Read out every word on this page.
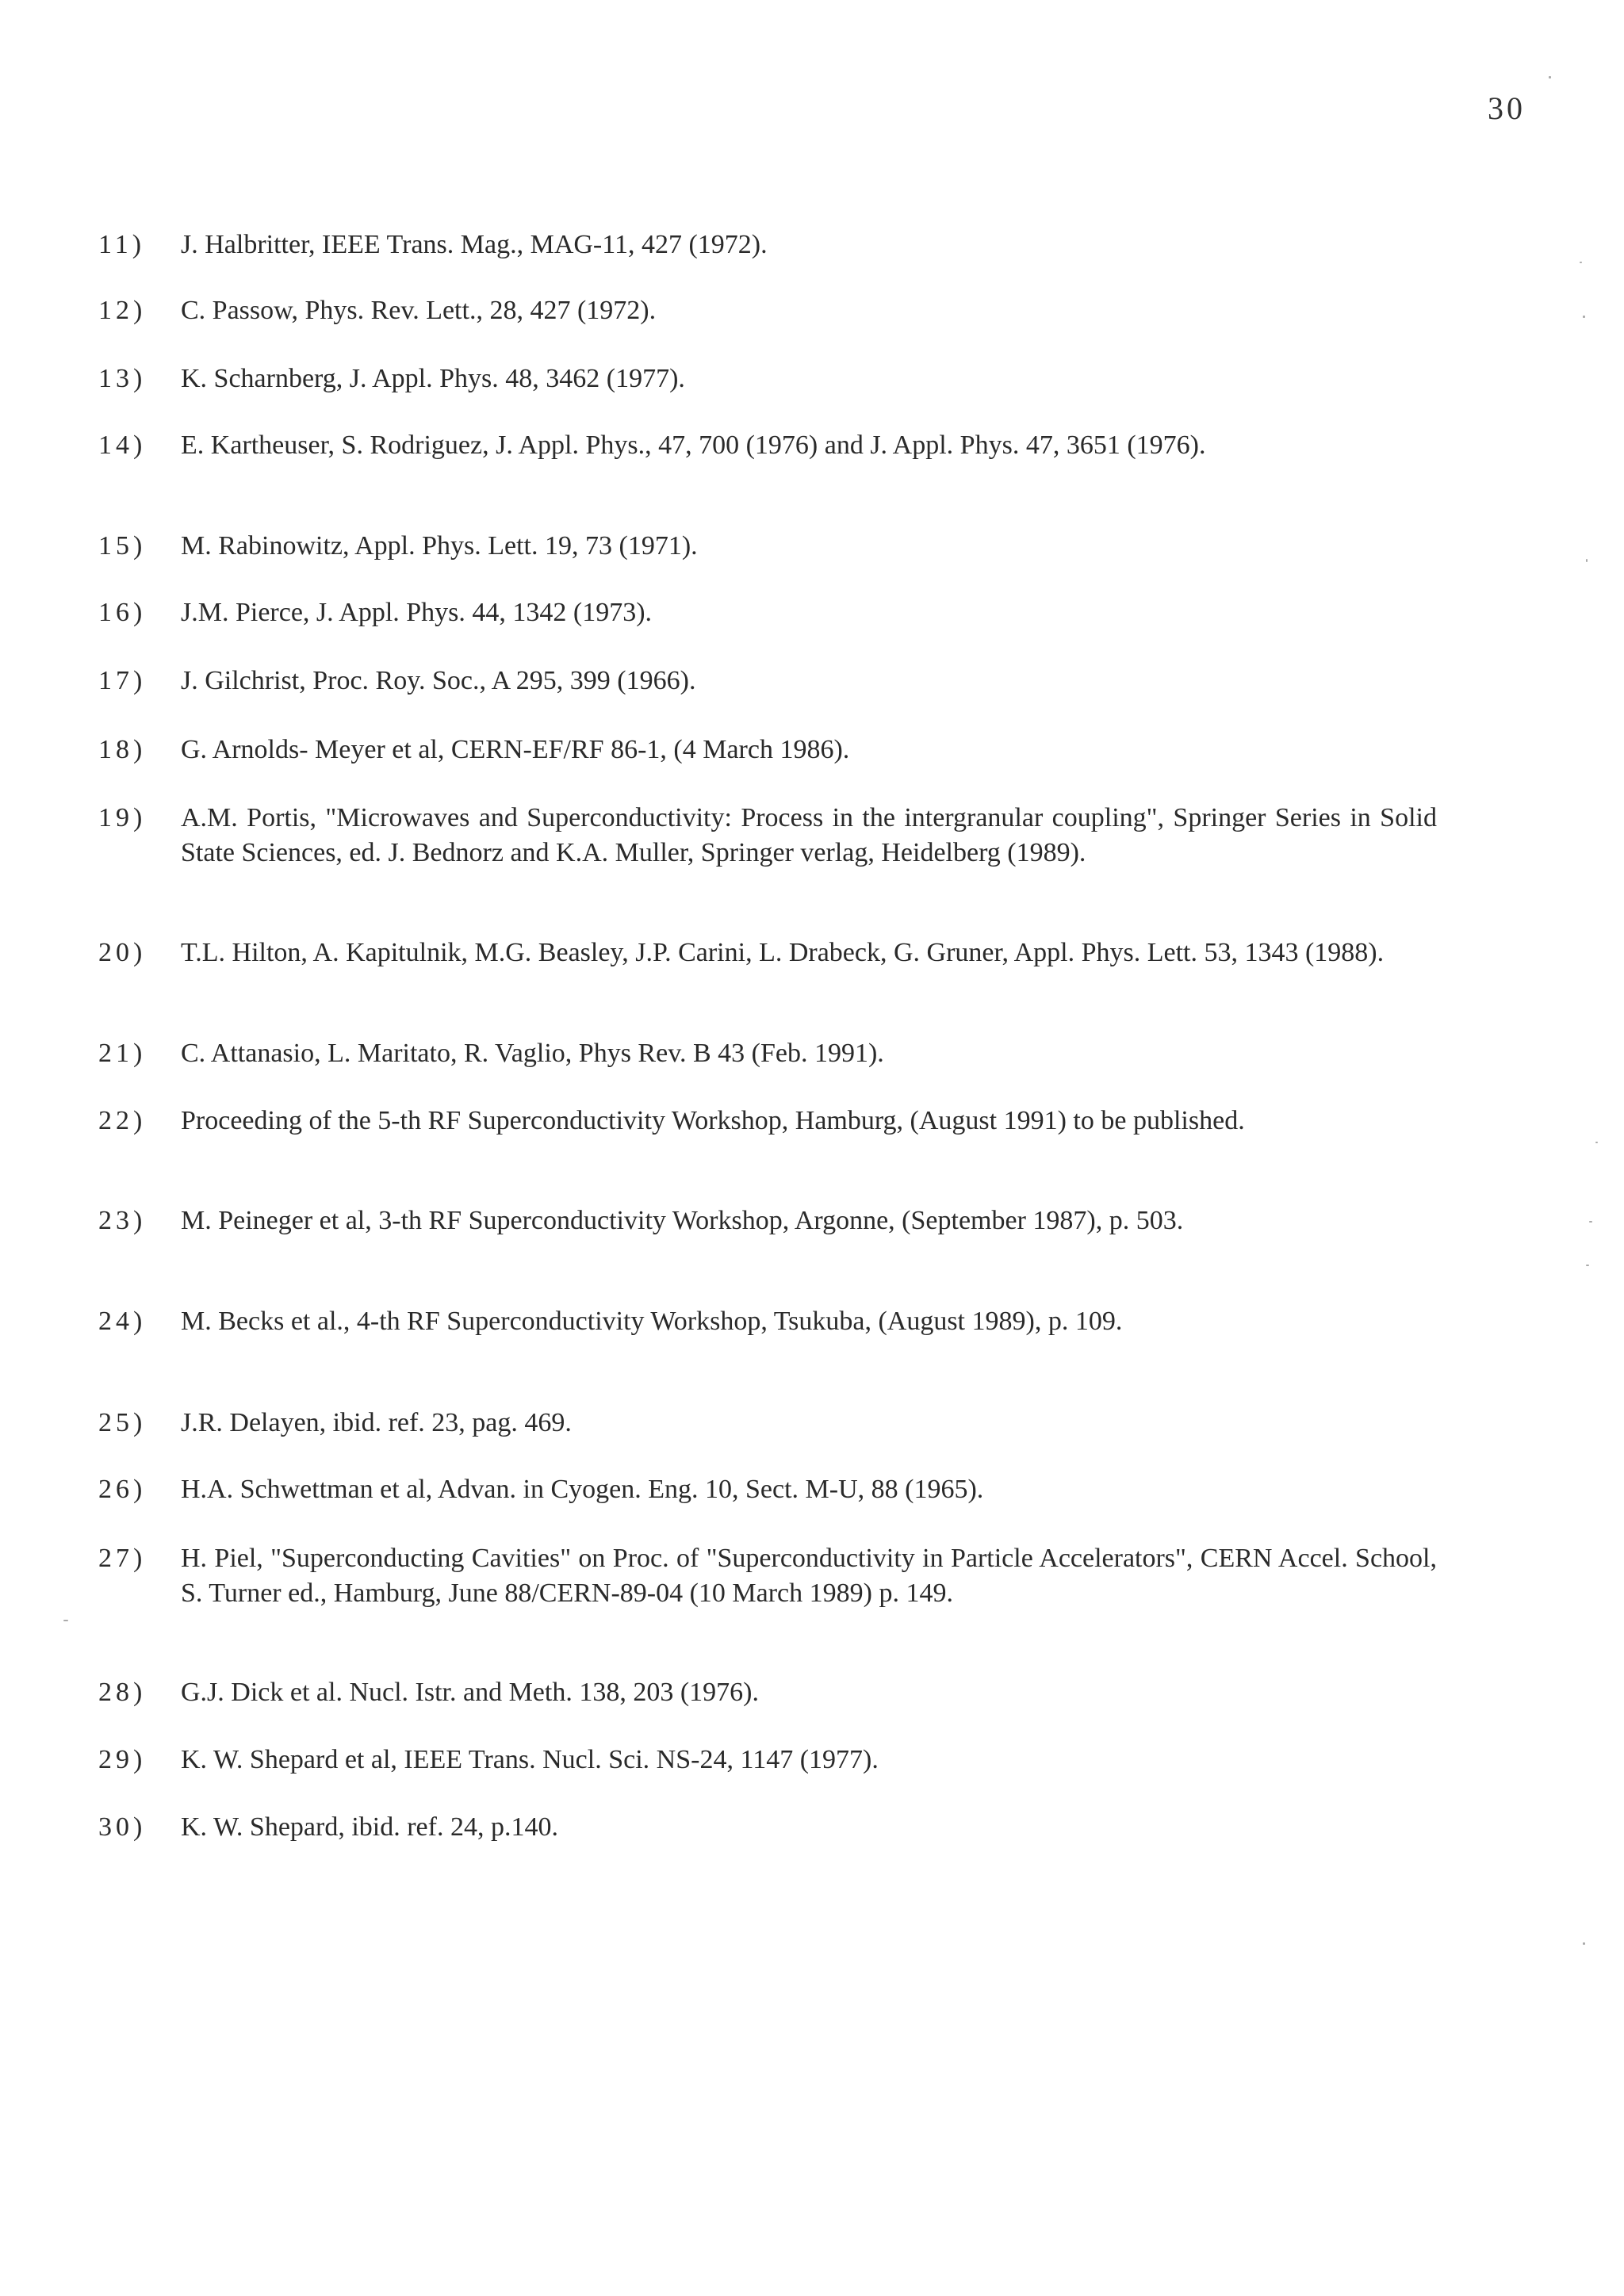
30
11) J. Halbritter, IEEE Trans. Mag., MAG-11, 427 (1972).
12) C. Passow, Phys. Rev. Lett., 28, 427 (1972).
13) K. Scharnberg, J. Appl. Phys. 48, 3462 (1977).
14) E. Kartheuser, S. Rodriguez, J. Appl. Phys., 47, 700 (1976) and J. Appl. Phys. 47, 3651 (1976).
15) M. Rabinowitz, Appl. Phys. Lett. 19, 73 (1971).
16) J.M. Pierce, J. Appl. Phys. 44, 1342 (1973).
17) J. Gilchrist, Proc. Roy. Soc., A 295, 399 (1966).
18) G. Arnolds- Meyer et al, CERN-EF/RF 86-1, (4 March 1986).
19) A.M. Portis, "Microwaves and Superconductivity: Process in the intergranular coupling", Springer Series in Solid State Sciences, ed. J. Bednorz and K.A. Muller, Springer verlag, Heidelberg (1989).
20) T.L. Hilton, A. Kapitulnik, M.G. Beasley, J.P. Carini, L. Drabeck, G. Gruner, Appl. Phys. Lett. 53, 1343 (1988).
21) C. Attanasio, L. Maritato, R. Vaglio, Phys Rev. B 43 (Feb. 1991).
22) Proceeding of the 5-th RF Superconductivity Workshop, Hamburg, (August 1991) to be published.
23) M. Peineger et al, 3-th RF Superconductivity Workshop, Argonne, (September 1987), p. 503.
24) M. Becks et al., 4-th RF Superconductivity Workshop, Tsukuba, (August 1989), p. 109.
25) J.R. Delayen, ibid. ref. 23, pag. 469.
26) H.A. Schwettman et al, Advan. in Cyogen. Eng. 10, Sect. M-U, 88 (1965).
27) H. Piel, "Superconducting Cavities" on Proc. of "Superconductivity in Particle Accelerators", CERN Accel. School, S. Turner ed., Hamburg, June 88/CERN-89-04 (10 March 1989) p. 149.
28) G.J. Dick et al. Nucl. Istr. and Meth. 138, 203 (1976).
29) K. W. Shepard et al, IEEE Trans. Nucl. Sci. NS-24, 1147 (1977).
30) K. W. Shepard, ibid. ref. 24, p.140.
